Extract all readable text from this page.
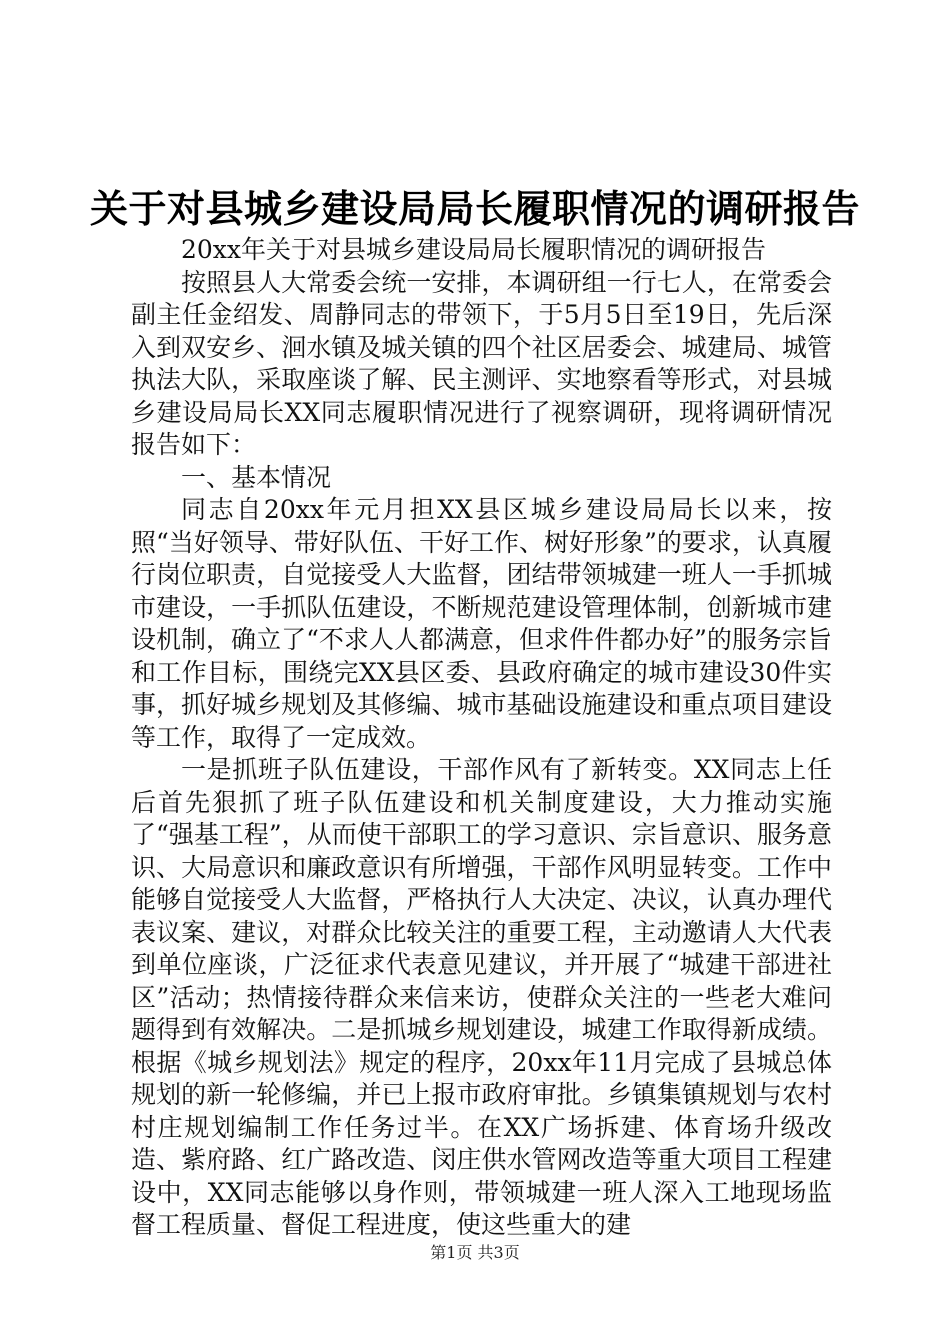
关于对县城乡建设局局长履职情况的调研报告

20xx年关于对县城乡建设局局长履职情况的调研报告

按照县人大常委会统一安排，本调研组一行七人，在常委会副主任金绍发、周静同志的带领下，于5月5日至19日，先后深入到双安乡、洄水镇及城关镇的四个社区居委会、城建局、城管执法大队，采取座谈了解、民主测评、实地察看等形式，对县城乡建设局局长XX同志履职情况进行了视察调研，现将调研情况报告如下：

一、基本情况

同志自20xx年元月担XX县区城乡建设局局长以来，按照“当好领导、带好队伍、干好工作、树好形象”的要求，认真履行岗位职责，自觉接受人大监督，团结带领城建一班人一手抓城市建设，一手抓队伍建设，不断规范建设管理体制，创新城市建设机制，确立了“不求人人都满意，但求件件都办好”的服务宗旨和工作目标，围绕完XX县区委、县政府确定的城市建设30件实事，抓好城乡规划及其修编、城市基础设施建设和重点项目建设等工作，取得了一定成效。

一是抓班子队伍建设，干部作风有了新转变。XX同志上任后首先狠抓了班子队伍建设和机关制度建设，大力推动实施了“强基工程”，从而使干部职工的学习意识、宗旨意识、服务意识、大局意识和廉政意识有所增强，干部作风明显转变。工作中能够自觉接受人大监督，严格执行人大决定、决议，认真办理代表议案、建议，对群众比较关注的重要工程，主动邀请人大代表到单位座谈，广泛征求代表意见建议，并开展了“城建干部进社区”活动；热情接待群众来信来访，使群众关注的一些老大难问题得到有效解决。二是抓城乡规划建设，城建工作取得新成绩。根据《城乡规划法》规定的程序，20xx年11月完成了县城总体规划的新一轮修编，并已上报市政府审批。乡镇集镇规划与农村村庄规划编制工作任务过半。在XX广场拆建、体育场升级改造、紫府路、红广路改造、闵庄供水管网改造等重大项目工程建设中，XX同志能够以身作则，带领城建一班人深入工地现场监督工程质量、督促工程进度，使这些重大的建

第1页 共3页
